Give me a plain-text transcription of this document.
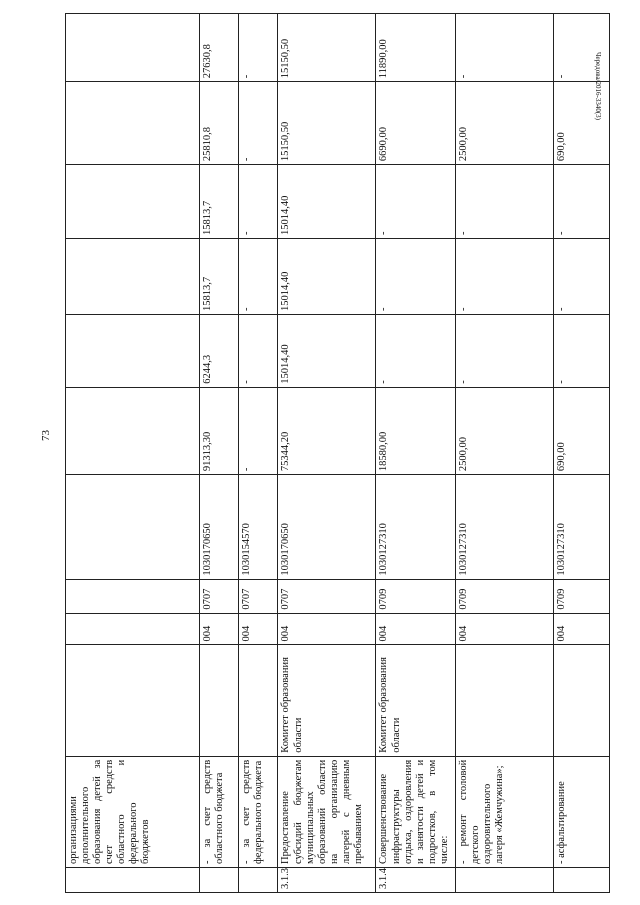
73
Чередова/2016-3340(3)
	организациями дополнительного образования детей за счет средств областного и федерального бюджетов										
	- за счет средств областного бюджета		004	0707	1030170650	91313,30	6244,3	15813,7	15813,7	25810,8	27630,8
	- за счет средств федерального бюджета		004	0707	1030154570	-	-	-	-	-	-
3.1.3	Предоставление субсидий бюджетам муниципальных образований области на организацию лагерей с дневным пребыванием	Комитет образования области	004	0707	1030170650	75344,20	15014,40	15014,40	15014,40	15150,50	15150,50
3.1.4	Совершенствование инфраструктуры отдыха, оздоровления и занятости детей и подростков, в том числе:	Комитет образования области	004	0709	1030127310	18580,00	-	-	-	6690,00	11890,00
	- ремонт столовой детского оздоровительного лагеря «Жемчужина»;		004	0709	1030127310	2500,00	-	-	-	2500,00	-
	- асфальтирование		004	0709	1030127310	690,00	-	-	-	690,00	-
